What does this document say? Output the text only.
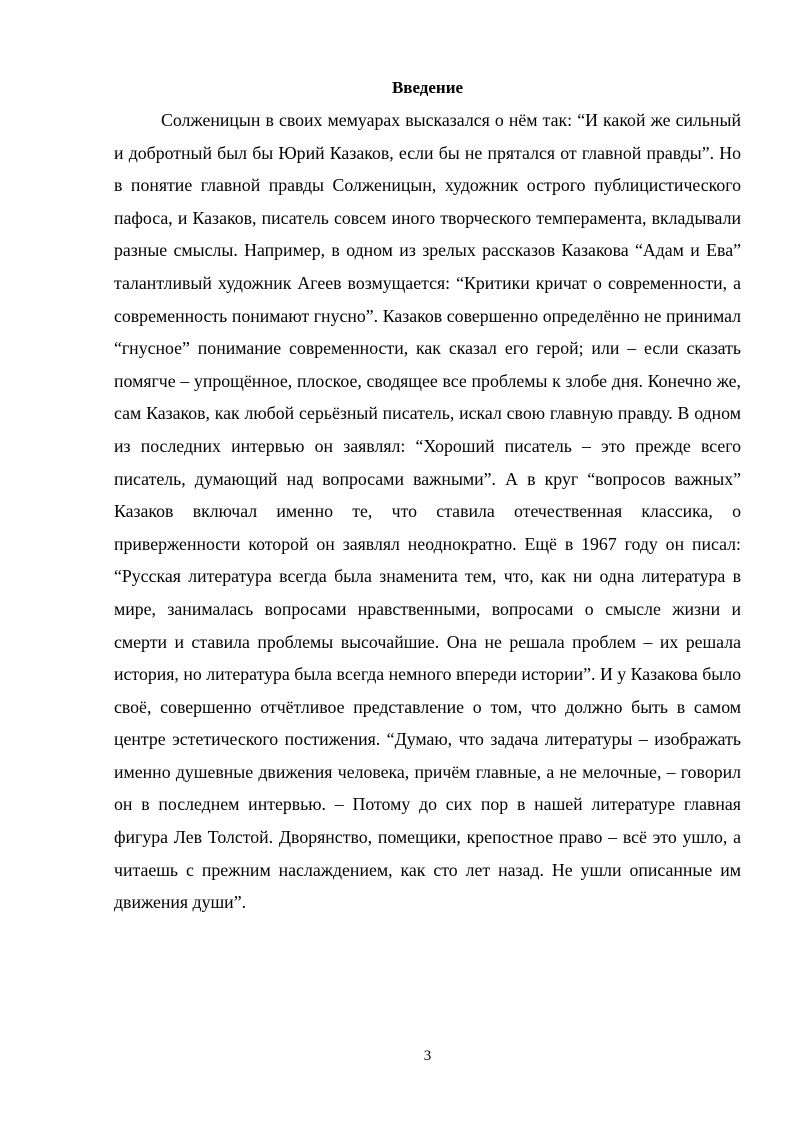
Введение

Солженицын в своих мемуарах высказался о нём так: “И какой же сильный и добротный был бы Юрий Казаков, если бы не прятался от главной правды”. Но в понятие главной правды Солженицын, художник острого публицистического пафоса, и Казаков, писатель совсем иного творческого темперамента, вкладывали разные смыслы. Например, в одном из зрелых рассказов Казакова “Адам и Ева” талантливый художник Агеев возмущается: “Критики кричат о современности, а современность понимают гнусно”. Казаков совершенно определённо не принимал “гнусное” понимание современности, как сказал его герой; или – если сказать помягче – упрощённое, плоское, сводящее все проблемы к злобе дня. Конечно же, сам Казаков, как любой серьёзный писатель, искал свою главную правду. В одном из последних интервью он заявлял: “Хороший писатель – это прежде всего писатель, думающий над вопросами важными”. А в круг “вопросов важных” Казаков включал именно те, что ставила отечественная классика, о приверженности которой он заявлял неоднократно. Ещё в 1967 году он писал: “Русская литература всегда была знаменита тем, что, как ни одна литература в мире, занималась вопросами нравственными, вопросами о смысле жизни и смерти и ставила проблемы высочайшие. Она не решала проблем – их решала история, но литература была всегда немного впереди истории”. И у Казакова было своё, совершенно отчётливое представление о том, что должно быть в самом центре эстетического постижения. “Думаю, что задача литературы – изображать именно душевные движения человека, причём главные, а не мелочные, – говорил он в последнем интервью. – Потому до сих пор в нашей литературе главная фигура Лев Толстой. Дворянство, помещики, крепостное право – всё это ушло, а читаешь с прежним наслаждением, как сто лет назад. Не ушли описанные им движения души”.

3
